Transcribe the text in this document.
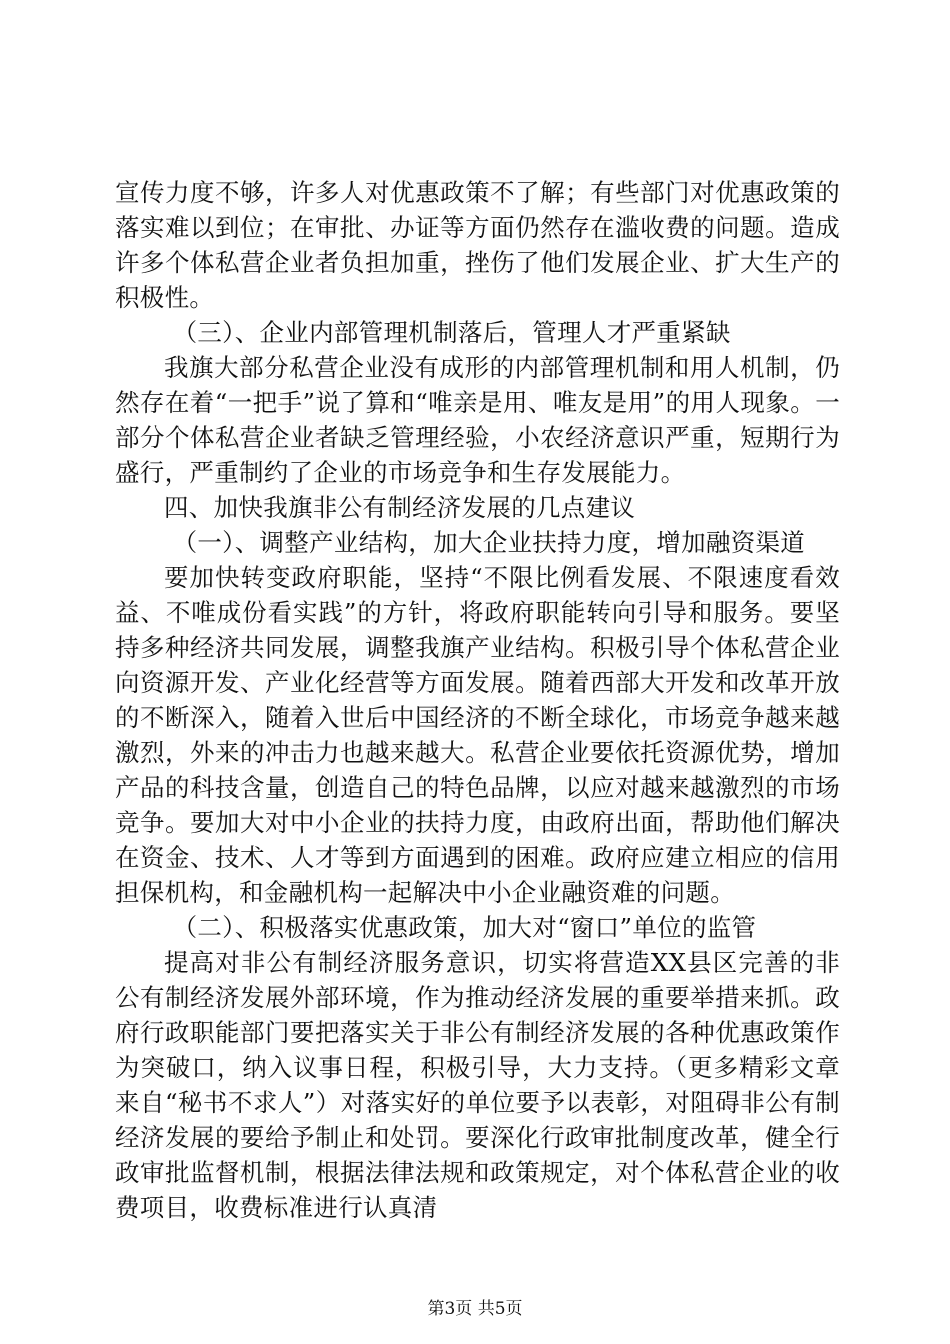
宣传力度不够，许多人对优惠政策不了解；有些部门对优惠政策的落实难以到位；在审批、办证等方面仍然存在滥收费的问题。造成许多个体私营企业者负担加重，挫伤了他们发展企业、扩大生产的积极性。

（三）、企业内部管理机制落后，管理人才严重紧缺

我旗大部分私营企业没有成形的内部管理机制和用人机制，仍然存在着“一把手”说了算和“唯亲是用、唯友是用”的用人现象。一部分个体私营企业者缺乏管理经验，小农经济意识严重，短期行为盛行，严重制约了企业的市场竞争和生存发展能力。

四、加快我旗非公有制经济发展的几点建议

（一）、调整产业结构，加大企业扶持力度，增加融资渠道

要加快转变政府职能，坚持“不限比例看发展、不限速度看效益、不唯成份看实践”的方针，将政府职能转向引导和服务。要坚持多种经济共同发展，调整我旗产业结构。积极引导个体私营企业向资源开发、产业化经营等方面发展。随着西部大开发和改革开放的不断深入，随着入世后中国经济的不断全球化，市场竞争越来越激烈，外来的冲击力也越来越大。私营企业要依托资源优势，增加产品的科技含量，创造自己的特色品牌，以应对越来越激烈的市场竞争。要加大对中小企业的扶持力度，由政府出面，帮助他们解决在资金、技术、人才等到方面遇到的困难。政府应建立相应的信用担保机构，和金融机构一起解决中小企业融资难的问题。

（二）、积极落实优惠政策，加大对“窗口”单位的监管

提高对非公有制经济服务意识，切实将营造XX县区完善的非公有制经济发展外部环境，作为推动经济发展的重要举措来抓。政府行政职能部门要把落实关于非公有制经济发展的各种优惠政策作为突破口，纳入议事日程，积极引导，大力支持。（更多精彩文章来自“秘书不求人”）对落实好的单位要予以表彰，对阻碍非公有制经济发展的要给予制止和处罚。要深化行政审批制度改革，健全行政审批监督机制，根据法律法规和政策规定，对个体私营企业的收费项目，收费标准进行认真清

第3页 共5页
